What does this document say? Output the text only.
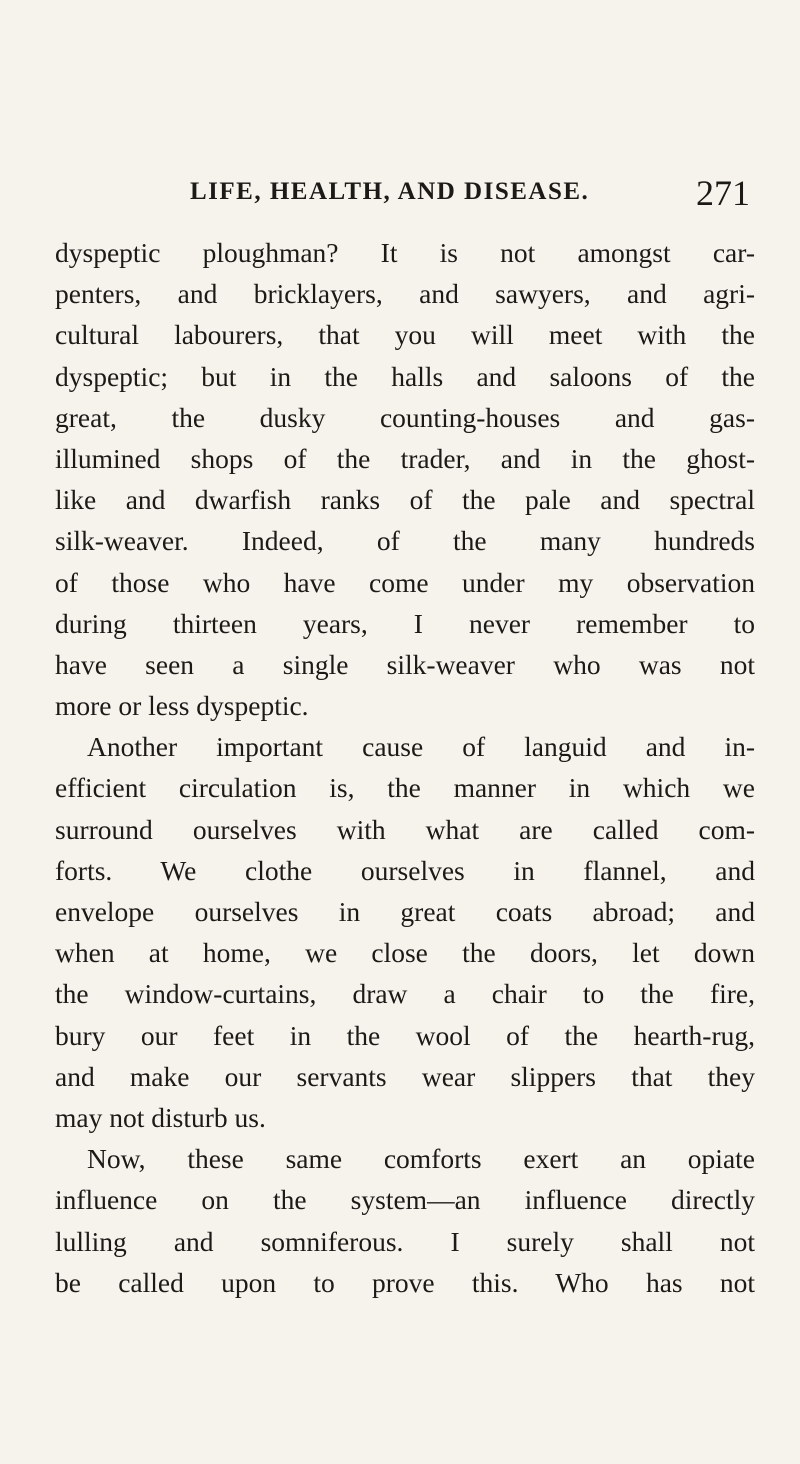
LIFE, HEALTH, AND DISEASE.	271
dyspeptic ploughman? It is not amongst car-
penters, and bricklayers, and sawyers, and agri-
cultural labourers, that you will meet with the
dyspeptic; but in the halls and saloons of the
great, the dusky counting-houses and gas-
illumined shops of the trader, and in the ghost-
like and dwarfish ranks of the pale and spectral
silk-weaver. Indeed, of the many hundreds
of those who have come under my observation
during thirteen years, I never remember to
have seen a single silk-weaver who was not
more or less dyspeptic.
Another important cause of languid and in-
efficient circulation is, the manner in which we
surround ourselves with what are called com-
forts. We clothe ourselves in flannel, and
envelope ourselves in great coats abroad; and
when at home, we close the doors, let down
the window-curtains, draw a chair to the fire,
bury our feet in the wool of the hearth-rug,
and make our servants wear slippers that they
may not disturb us.
Now, these same comforts exert an opiate
influence on the system—an influence directly
lulling and somniferous. I surely shall not
be called upon to prove this. Who has not
